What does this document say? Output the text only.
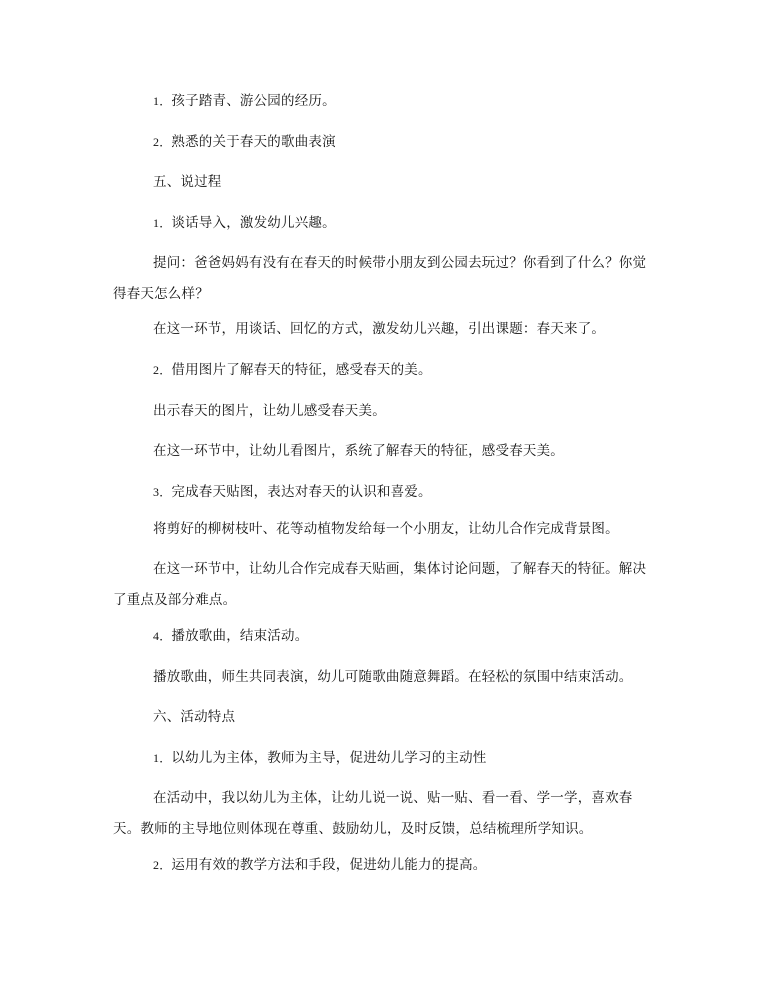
1．孩子踏青、游公园的经历。

2．熟悉的关于春天的歌曲表演

五、说过程

1．谈话导入，激发幼儿兴趣。

提问：爸爸妈妈有没有在春天的时候带小朋友到公园去玩过？你看到了什么？你觉得春天怎么样？

在这一环节，用谈话、回忆的方式，激发幼儿兴趣，引出课题：春天来了。

2．借用图片了解春天的特征，感受春天的美。

出示春天的图片，让幼儿感受春天美。

在这一环节中，让幼儿看图片，系统了解春天的特征，感受春天美。

3．完成春天贴图，表达对春天的认识和喜爱。

将剪好的柳树枝叶、花等动植物发给每一个小朋友，让幼儿合作完成背景图。

在这一环节中，让幼儿合作完成春天贴画，集体讨论问题，了解春天的特征。解决了重点及部分难点。

4．播放歌曲，结束活动。

播放歌曲，师生共同表演，幼儿可随歌曲随意舞蹈。在轻松的氛围中结束活动。

六、活动特点

1．以幼儿为主体，教师为主导，促进幼儿学习的主动性

在活动中，我以幼儿为主体，让幼儿说一说、贴一贴、看一看、学一学，喜欢春天。教师的主导地位则体现在尊重、鼓励幼儿，及时反馈，总结梳理所学知识。

2．运用有效的教学方法和手段，促进幼儿能力的提高。
